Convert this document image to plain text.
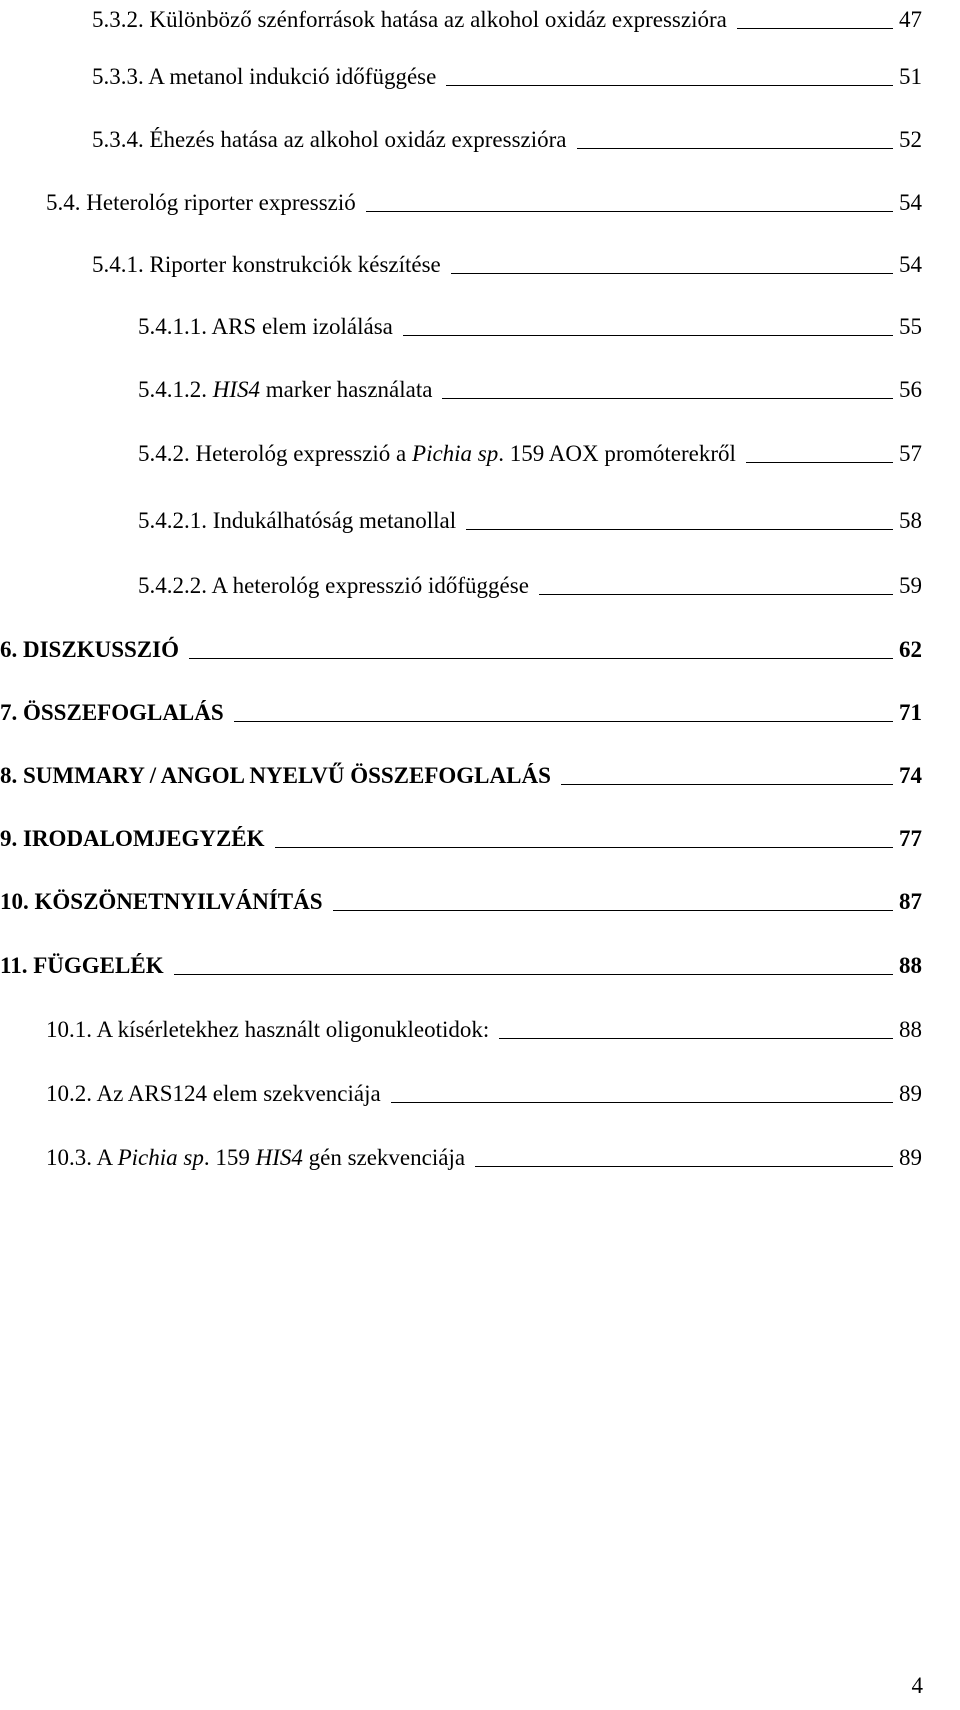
5.3.2. Különböző szénforrások hatása az alkohol oxidáz expresszióra	47
5.3.3. A metanol indukció időfüggése	51
5.3.4. Éhezés hatása az alkohol oxidáz expresszióra	52
5.4. Heterológ riporter expresszió	54
5.4.1. Riporter konstrukciók készítése	54
5.4.1.1. ARS elem izolálása	55
5.4.1.2. HIS4 marker használata	56
5.4.2. Heterológ expresszió a Pichia sp. 159 AOX promóterekről	57
5.4.2.1. Indukálhatóság metanollal	58
5.4.2.2. A heterológ expresszió időfüggése	59
6. DISZKUSSZIÓ	62
7. ÖSSZEFOGLALÁS	71
8. SUMMARY / ANGOL NYELVŰ ÖSSZEFOGLALÁS	74
9. IRODALOMJEGYZÉK	77
10. KÖSZÖNETNYILVÁNÍTÁS	87
11. FÜGGELÉK	88
10.1. A kísérletekhez használt oligonukleotidok:	88
10.2. Az ARS124 elem szekvenciája	89
10.3. A Pichia sp. 159 HIS4 gén szekvenciája	89
4
